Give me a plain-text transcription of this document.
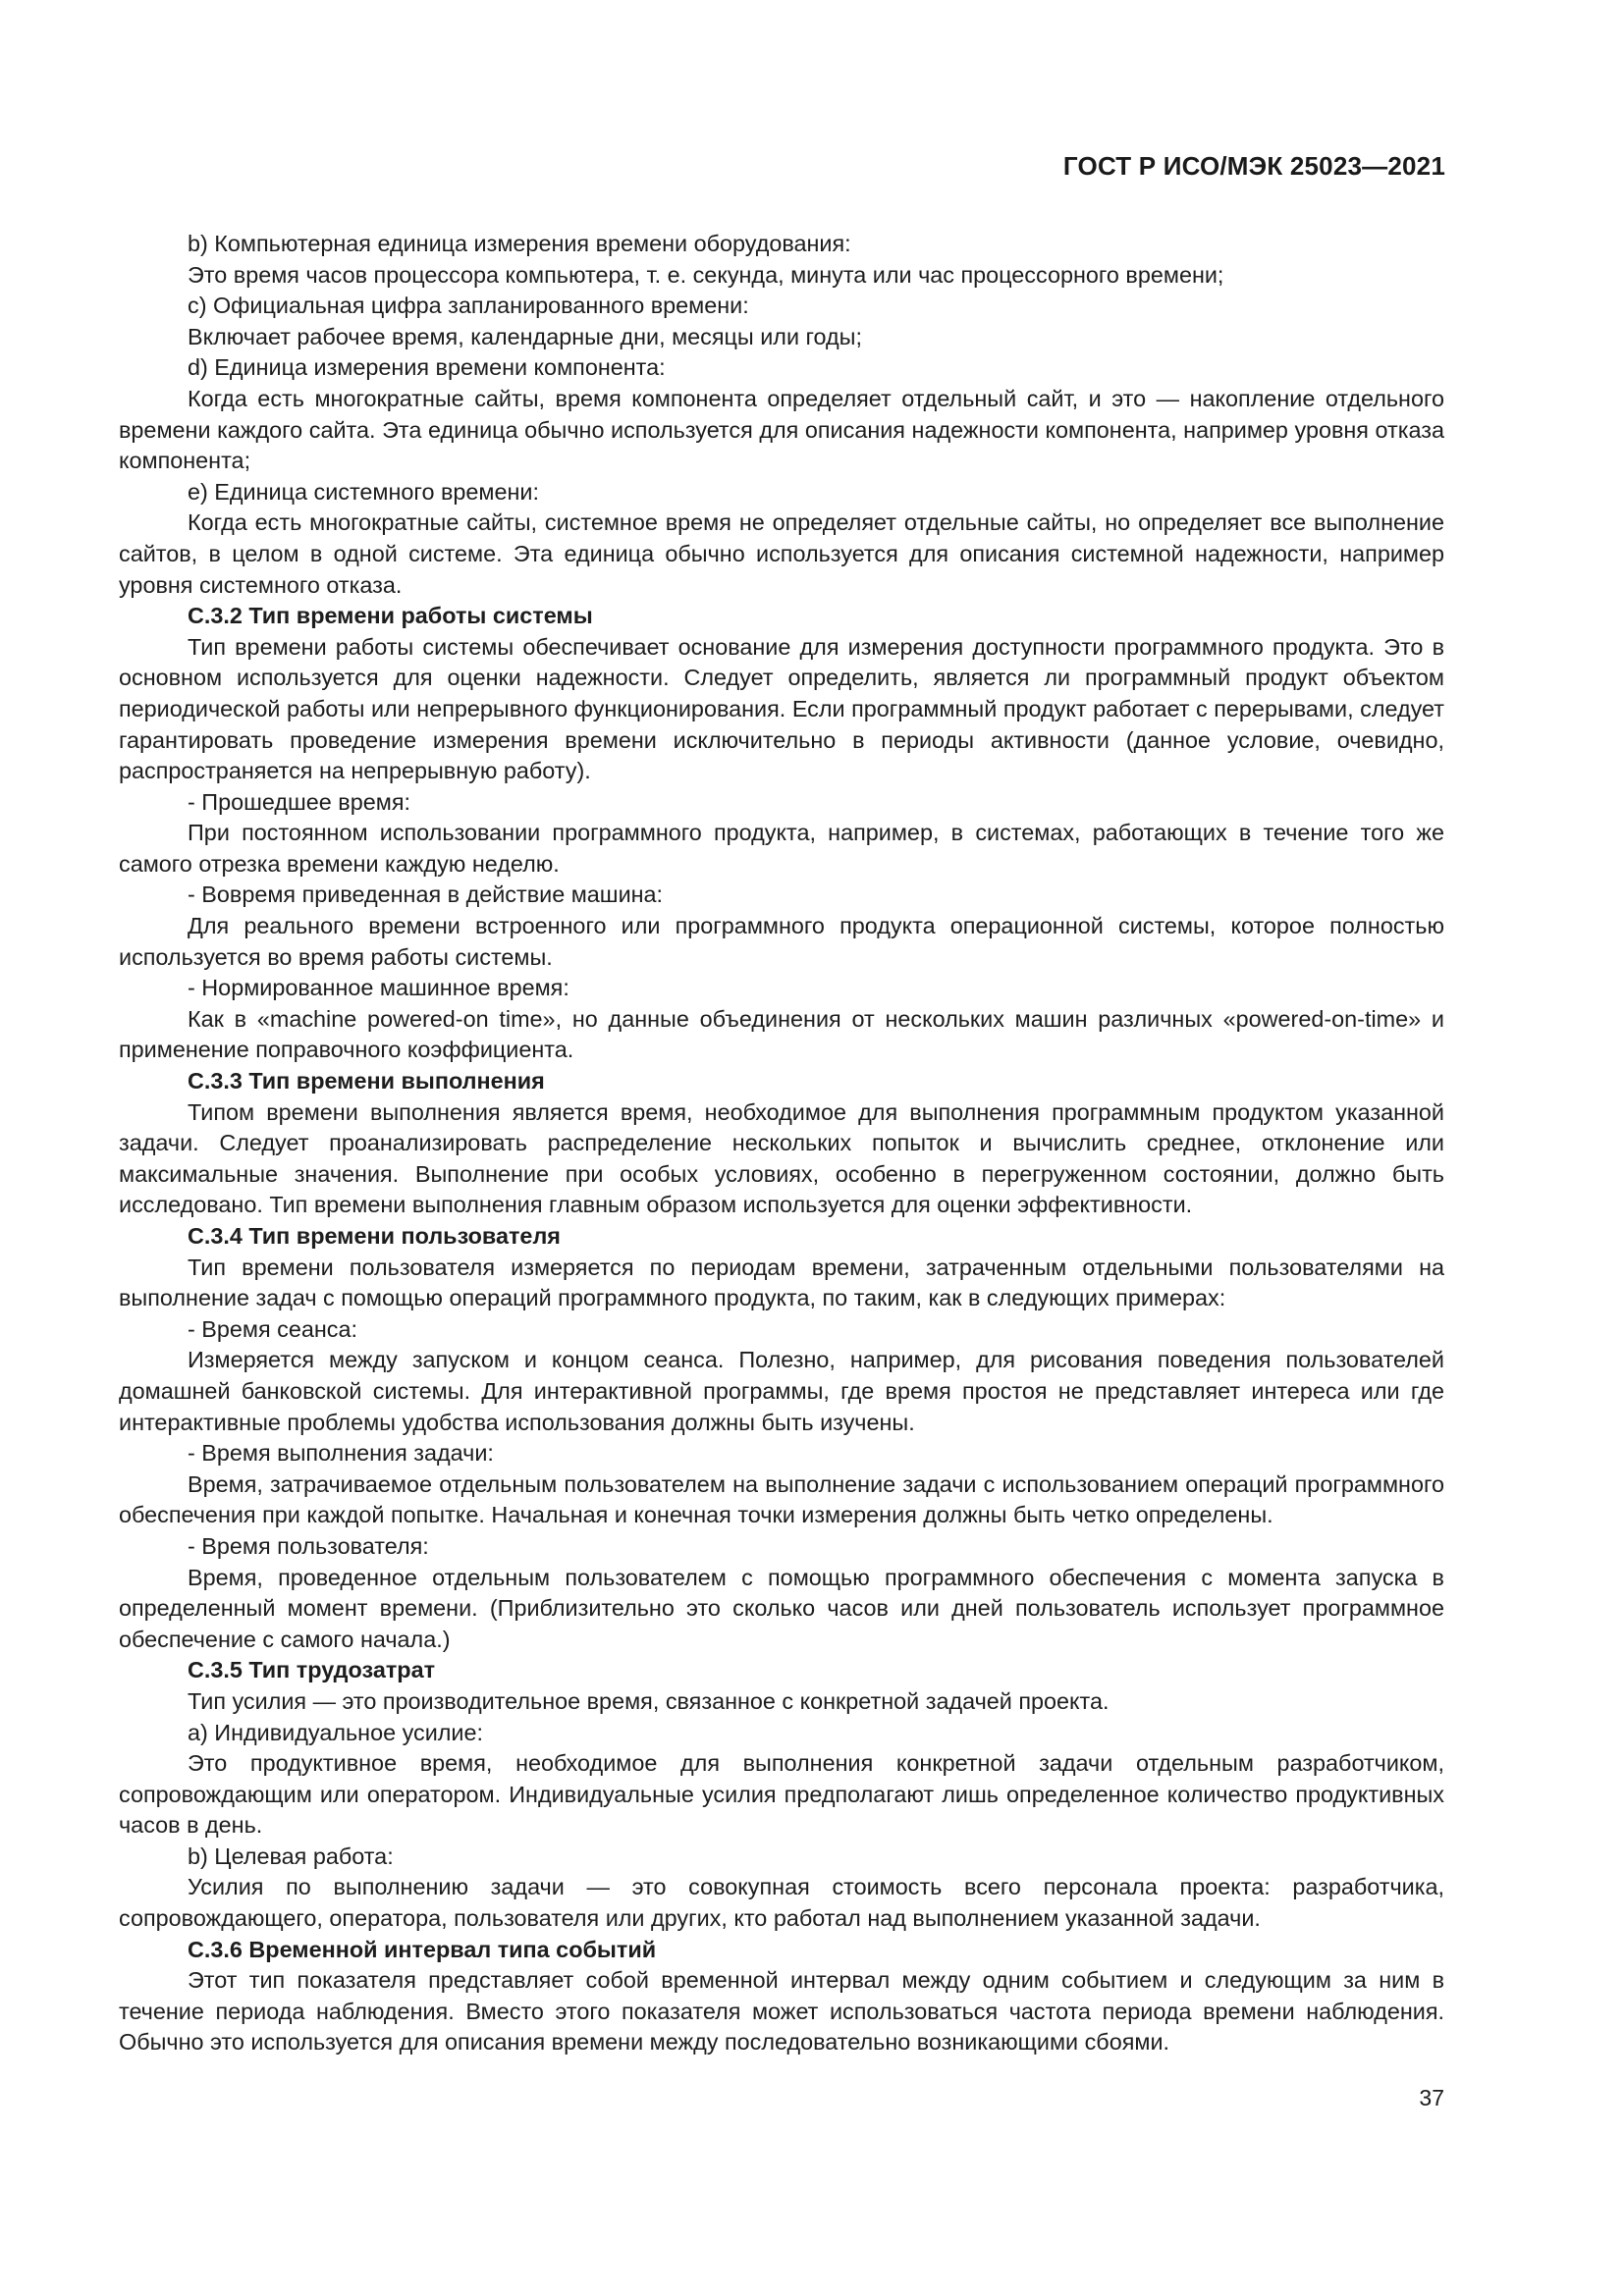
ГОСТ Р ИСО/МЭК 25023—2021

b) Компьютерная единица измерения времени оборудования:

Это время часов процессора компьютера, т. е. секунда, минута или час процессорного времени;

c) Официальная цифра запланированного времени:

Включает рабочее время, календарные дни, месяцы или годы;

d) Единица измерения времени компонента:

Когда есть многократные сайты, время компонента определяет отдельный сайт, и это — накопление отдельного времени каждого сайта. Эта единица обычно используется для описания надежности компонента, например уровня отказа компонента;

e) Единица системного времени:

Когда есть многократные сайты, системное время не определяет отдельные сайты, но определяет все выполнение сайтов, в целом в одной системе. Эта единица обычно используется для описания системной надежности, например уровня системного отказа.

C.3.2 Тип времени работы системы

Тип времени работы системы обеспечивает основание для измерения доступности программного продукта. Это в основном используется для оценки надежности. Следует определить, является ли программный продукт объектом периодической работы или непрерывного функционирования. Если программный продукт работает с перерывами, следует гарантировать проведение измерения времени исключительно в периоды активности (данное условие, очевидно, распространяется на непрерывную работу).

- Прошедшее время:

При постоянном использовании программного продукта, например, в системах, работающих в течение того же самого отрезка времени каждую неделю.

- Вовремя приведенная в действие машина:

Для реального времени встроенного или программного продукта операционной системы, которое полностью используется во время работы системы.

- Нормированное машинное время:

Как в «machine powered-on time», но данные объединения от нескольких машин различных «powered-on-time» и применение поправочного коэффициента.

C.3.3 Тип времени выполнения

Типом времени выполнения является время, необходимое для выполнения программным продуктом указанной задачи. Следует проанализировать распределение нескольких попыток и вычислить среднее, отклонение или максимальные значения. Выполнение при особых условиях, особенно в перегруженном состоянии, должно быть исследовано. Тип времени выполнения главным образом используется для оценки эффективности.

C.3.4 Тип времени пользователя

Тип времени пользователя измеряется по периодам времени, затраченным отдельными пользователями на выполнение задач с помощью операций программного продукта, по таким, как в следующих примерах:

- Время сеанса:

Измеряется между запуском и концом сеанса. Полезно, например, для рисования поведения пользователей домашней банковской системы. Для интерактивной программы, где время простоя не представляет интереса или где интерактивные проблемы удобства использования должны быть изучены.

- Время выполнения задачи:

Время, затрачиваемое отдельным пользователем на выполнение задачи с использованием операций программного обеспечения при каждой попытке. Начальная и конечная точки измерения должны быть четко определены.

- Время пользователя:

Время, проведенное отдельным пользователем с помощью программного обеспечения с момента запуска в определенный момент времени. (Приблизительно это сколько часов или дней пользователь использует программное обеспечение с самого начала.)

C.3.5 Тип трудозатрат

Тип усилия — это производительное время, связанное с конкретной задачей проекта.

a) Индивидуальное усилие:

Это продуктивное время, необходимое для выполнения конкретной задачи отдельным разработчиком, сопровождающим или оператором. Индивидуальные усилия предполагают лишь определенное количество продуктивных часов в день.

b) Целевая работа:

Усилия по выполнению задачи — это совокупная стоимость всего персонала проекта: разработчика, сопровождающего, оператора, пользователя или других, кто работал над выполнением указанной задачи.

C.3.6 Временной интервал типа событий

Этот тип показателя представляет собой временной интервал между одним событием и следующим за ним в течение периода наблюдения. Вместо этого показателя может использоваться частота периода времени наблюдения. Обычно это используется для описания времени между последовательно возникающими сбоями.

37
